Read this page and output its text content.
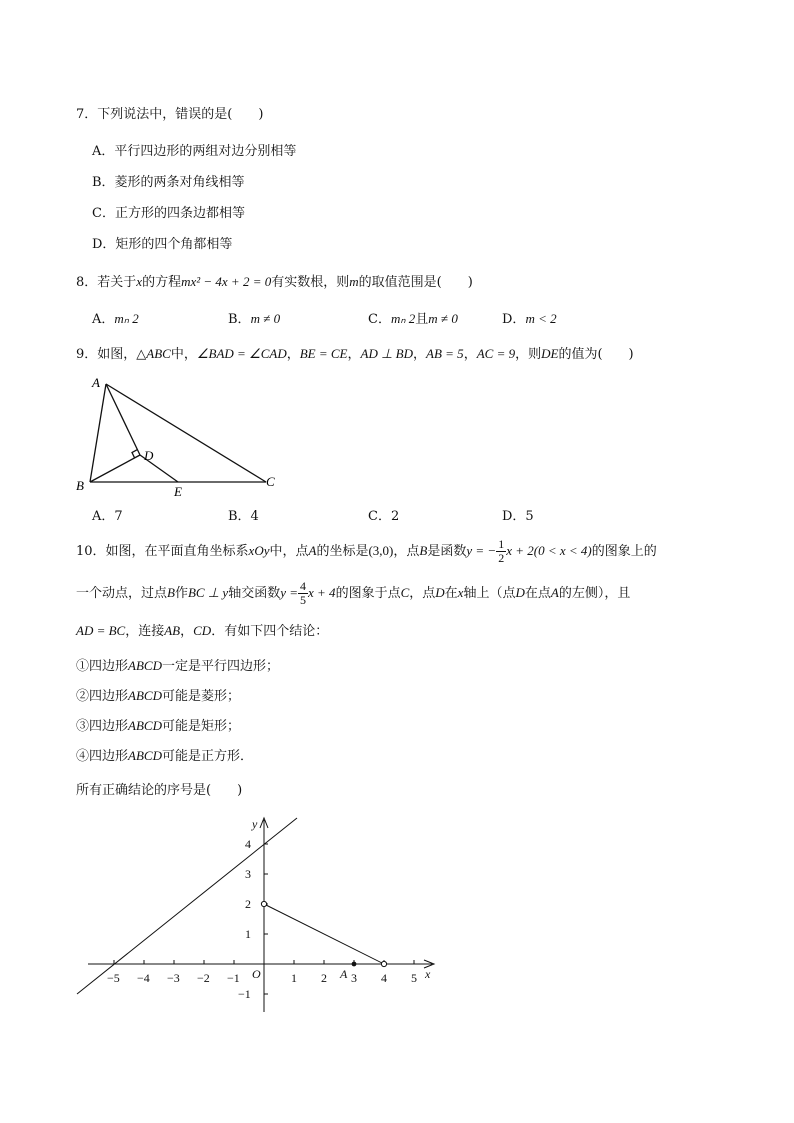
7．下列说法中，错误的是(　　)
A．平行四边形的两组对边分别相等
B．菱形的两条对角线相等
C．正方形的四条边都相等
D．矩形的四个角都相等
8．若关于x的方程mx² − 4x + 2 = 0有实数根，则m的取值范围是(　　)
A．mₙ 2	B．m ≠ 0	C．mₙ 2且m ≠ 0	D．m < 2
9．如图，△ABC中，∠BAD = ∠CAD，BE = CE，AD ⊥ BD，AB = 5，AC = 9，则DE的值为(　　)
A
B	C
D
E
A．7	B．4	C．2	D．5
10．如图，在平面直角坐标系xOy中，点A的坐标是(3,0)，点B是函数y = − $\frac{1}{2}$ x + 2(0 < x < 4)的图象上的
一个动点，过点B作BC ⊥ y轴交函数$y = \frac{4}{5}$ x + 4的图象于点C，点D在x轴上（点D在点A的左侧），且
AD = BC，连接AB，CD．有如下四个结论：
①四边形ABCD一定是平行四边形；
②四边形ABCD可能是菱形；
③四边形ABCD可能是矩形；
④四边形ABCD可能是正方形．
所有正确结论的序号是(　　)
y
x
O	A
−5 −4 −3 −2 −1	1 2 3 4 5
4
3
2
1
−1
